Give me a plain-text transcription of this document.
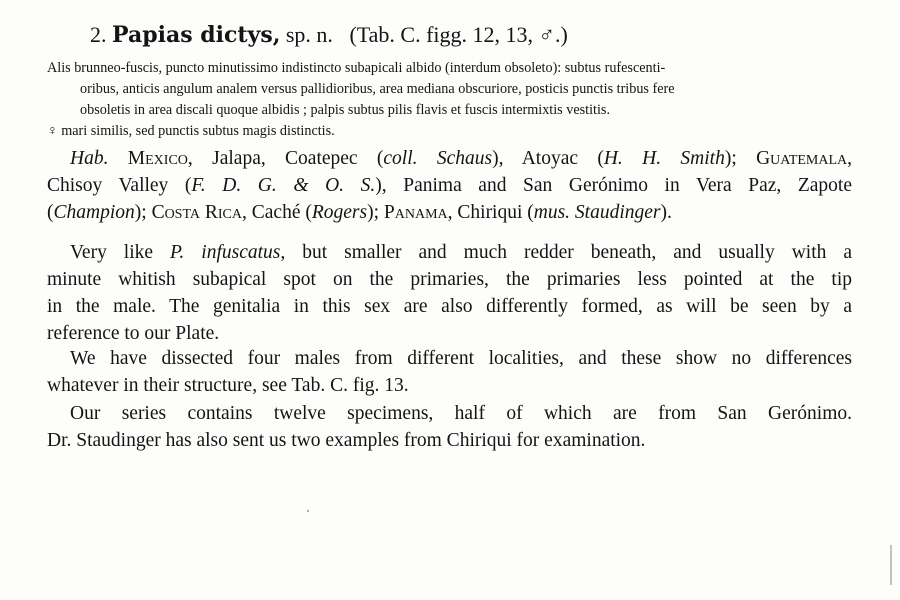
2. Papias dictys, sp. n. (Tab. C. figg. 12, 13, ♂.)
Alis brunneo-fuscis, puncto minutissimo indistincto subapicali albido (interdum obsoleto): subtus rufescenti-
oribus, anticis angulum analem versus pallidioribus, area mediana obscuriore, posticis punctis tribus fere
obsoletis in area discali quoque albidis ; palpis subtus pilis flavis et fuscis intermixtis vestitis.
♀ mari similis, sed punctis subtus magis distinctis.
Hab. Mexico, Jalapa, Coatepec (coll. Schaus), Atoyac (H. H. Smith); Guatemala,
Chisoy Valley (F. D. G. & O. S.), Panima and San Gerónimo in Vera Paz, Zapote
(Champion); Costa Rica, Caché (Rogers); Panama, Chiriqui (mus. Staudinger).
Very like P. infuscatus, but smaller and much redder beneath, and usually with a
minute whitish subapical spot on the primaries, the primaries less pointed at the tip
in the male. The genitalia in this sex are also differently formed, as will be seen by a
reference to our Plate.
We have dissected four males from different localities, and these show no differences
whatever in their structure, see Tab. C. fig. 13.
Our series contains twelve specimens, half of which are from San Gerónimo.
Dr. Staudinger has also sent us two examples from Chiriqui for examination.
